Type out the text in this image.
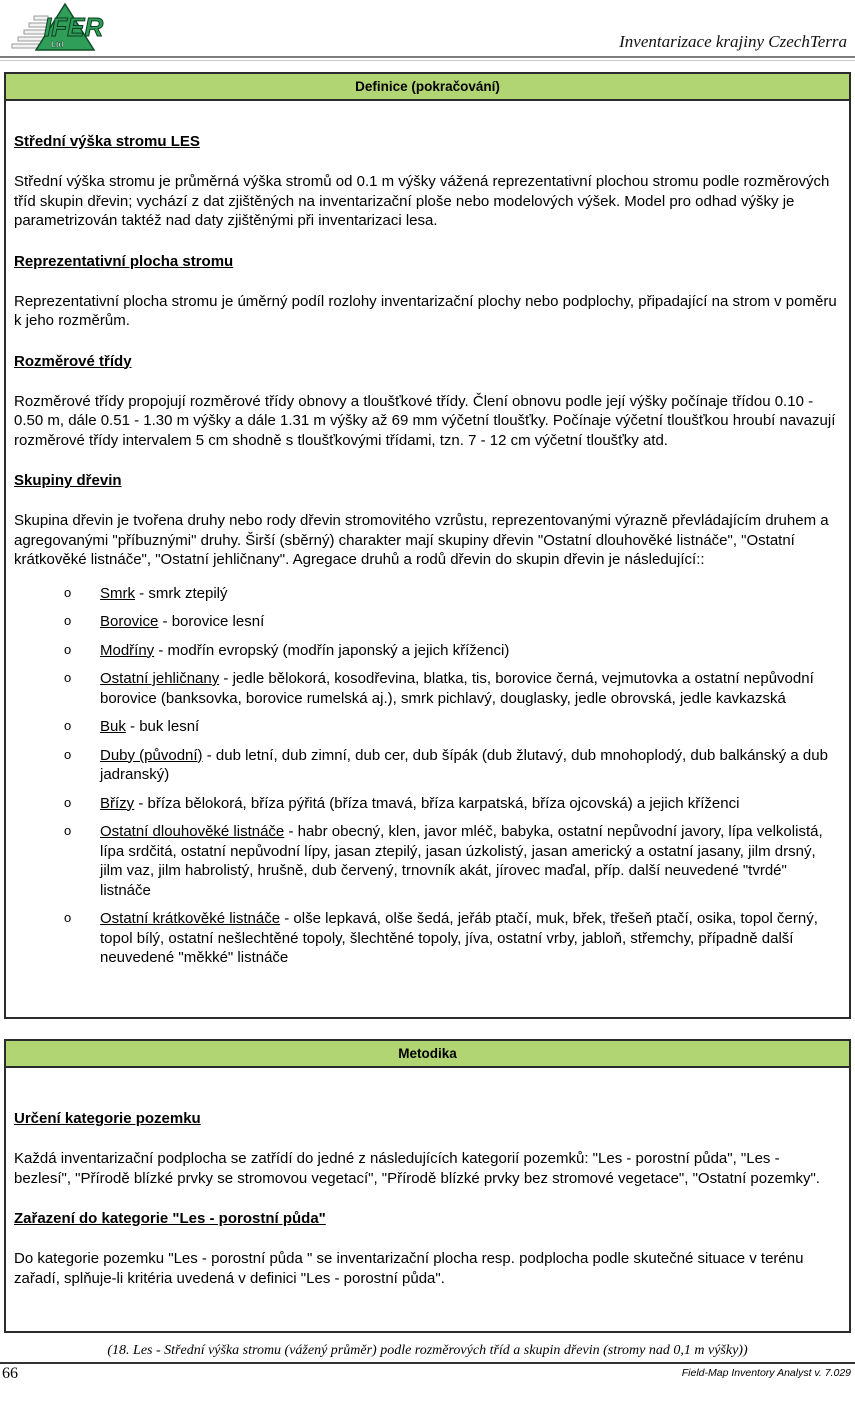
IFER
Ltd	Inventarizace krajiny CzechTerra
Definice (pokračování)
Střední výška stromu LES

Střední výška stromu je průměrná výška stromů od 0.1 m výšky vážená reprezentativní plochou stromu podle rozměrových tříd skupin dřevin; vychází z dat zjištěných na inventarizační ploše nebo modelových výšek. Model pro odhad výšky je parametrizován taktéž nad daty zjištěnými při inventarizaci lesa.

Reprezentativní plocha stromu

Reprezentativní plocha stromu je úměrný podíl rozlohy inventarizační plochy nebo podplochy, připadající na strom v poměru k jeho rozměrům.

Rozměrové třídy

Rozměrové třídy propojují rozměrové třídy obnovy a tloušťkové třídy. Člení obnovu podle její výšky počínaje třídou 0.10 - 0.50 m, dále 0.51 - 1.30 m výšky a dále 1.31 m výšky až 69 mm výčetní tloušťky. Počínaje výčetní tloušťkou hroubí navazují rozměrové třídy intervalem 5 cm shodně s tloušťkovými třídami, tzn. 7 - 12 cm výčetní tloušťky atd.

Skupiny dřevin

Skupina dřevin je tvořena druhy nebo rody dřevin stromovitého vzrůstu, reprezentovanými výrazně převládajícím druhem a agregovanými "příbuznými" druhy. Širší (sběrný) charakter mají skupiny dřevin "Ostatní dlouhověké listnáče", "Ostatní krátkověké listnáče", "Ostatní jehličnany". Agregace druhů a rodů dřevin do skupin dřevin je následující::

o	Smrk - smrk ztepilý
o	Borovice - borovice lesní
o	Modříny - modřín evropský (modřín japonský a jejich kříženci)
o	Ostatní jehličnany - jedle bělokorá, kosodřevina, blatka, tis, borovice černá, vejmutovka a ostatní nepůvodní borovice (banksovka, borovice rumelská aj.), smrk pichlavý, douglasky, jedle obrovská, jedle kavkazská
o	Buk - buk lesní
o	Duby (původní) - dub letní, dub zimní, dub cer, dub šípák (dub žlutavý, dub mnohoplodý, dub balkánský a dub jadranský)
o	Břízy - bříza bělokorá, bříza pýřitá (bříza tmavá, bříza karpatská, bříza ojcovská) a jejich kříženci
o	Ostatní dlouhověké listnáče - habr obecný, klen, javor mléč, babyka, ostatní nepůvodní javory, lípa velkolistá, lípa srdčitá, ostatní nepůvodní lípy, jasan ztepilý, jasan úzkolistý, jasan americký a ostatní jasany, jilm drsný, jilm vaz, jilm habrolistý, hrušně, dub červený, trnovník akát, jírovec maďal, příp. další neuvedené "tvrdé" listnáče
o	Ostatní krátkověké listnáče - olše lepkavá, olše šedá, jeřáb ptačí, muk, břek, třešeň ptačí, osika, topol černý, topol bílý, ostatní nešlechtěné topoly, šlechtěné topoly, jíva, ostatní vrby, jabloň, střemchy, případně další neuvedené "měkké" listnáče
Metodika
Určení kategorie pozemku

Každá inventarizační podplocha se zatřídí do jedné z následujících kategorií pozemků: "Les - porostní půda", "Les - bezlesí", "Přírodě blízké prvky se stromovou vegetací", "Přírodě blízké prvky bez stromové vegetace", "Ostatní pozemky".

Zařazení do kategorie "Les - porostní půda"

Do kategorie pozemku "Les - porostní půda " se inventarizační plocha resp. podplocha podle skutečné situace v terénu zařadí, splňuje-li kritéria uvedená v definici "Les - porostní půda".

(18. Les - Střední výška stromu (vážený průměr) podle rozměrových tříd a skupin dřevin (stromy nad 0,1 m výšky))
66	Field-Map Inventory Analyst v. 7.029
